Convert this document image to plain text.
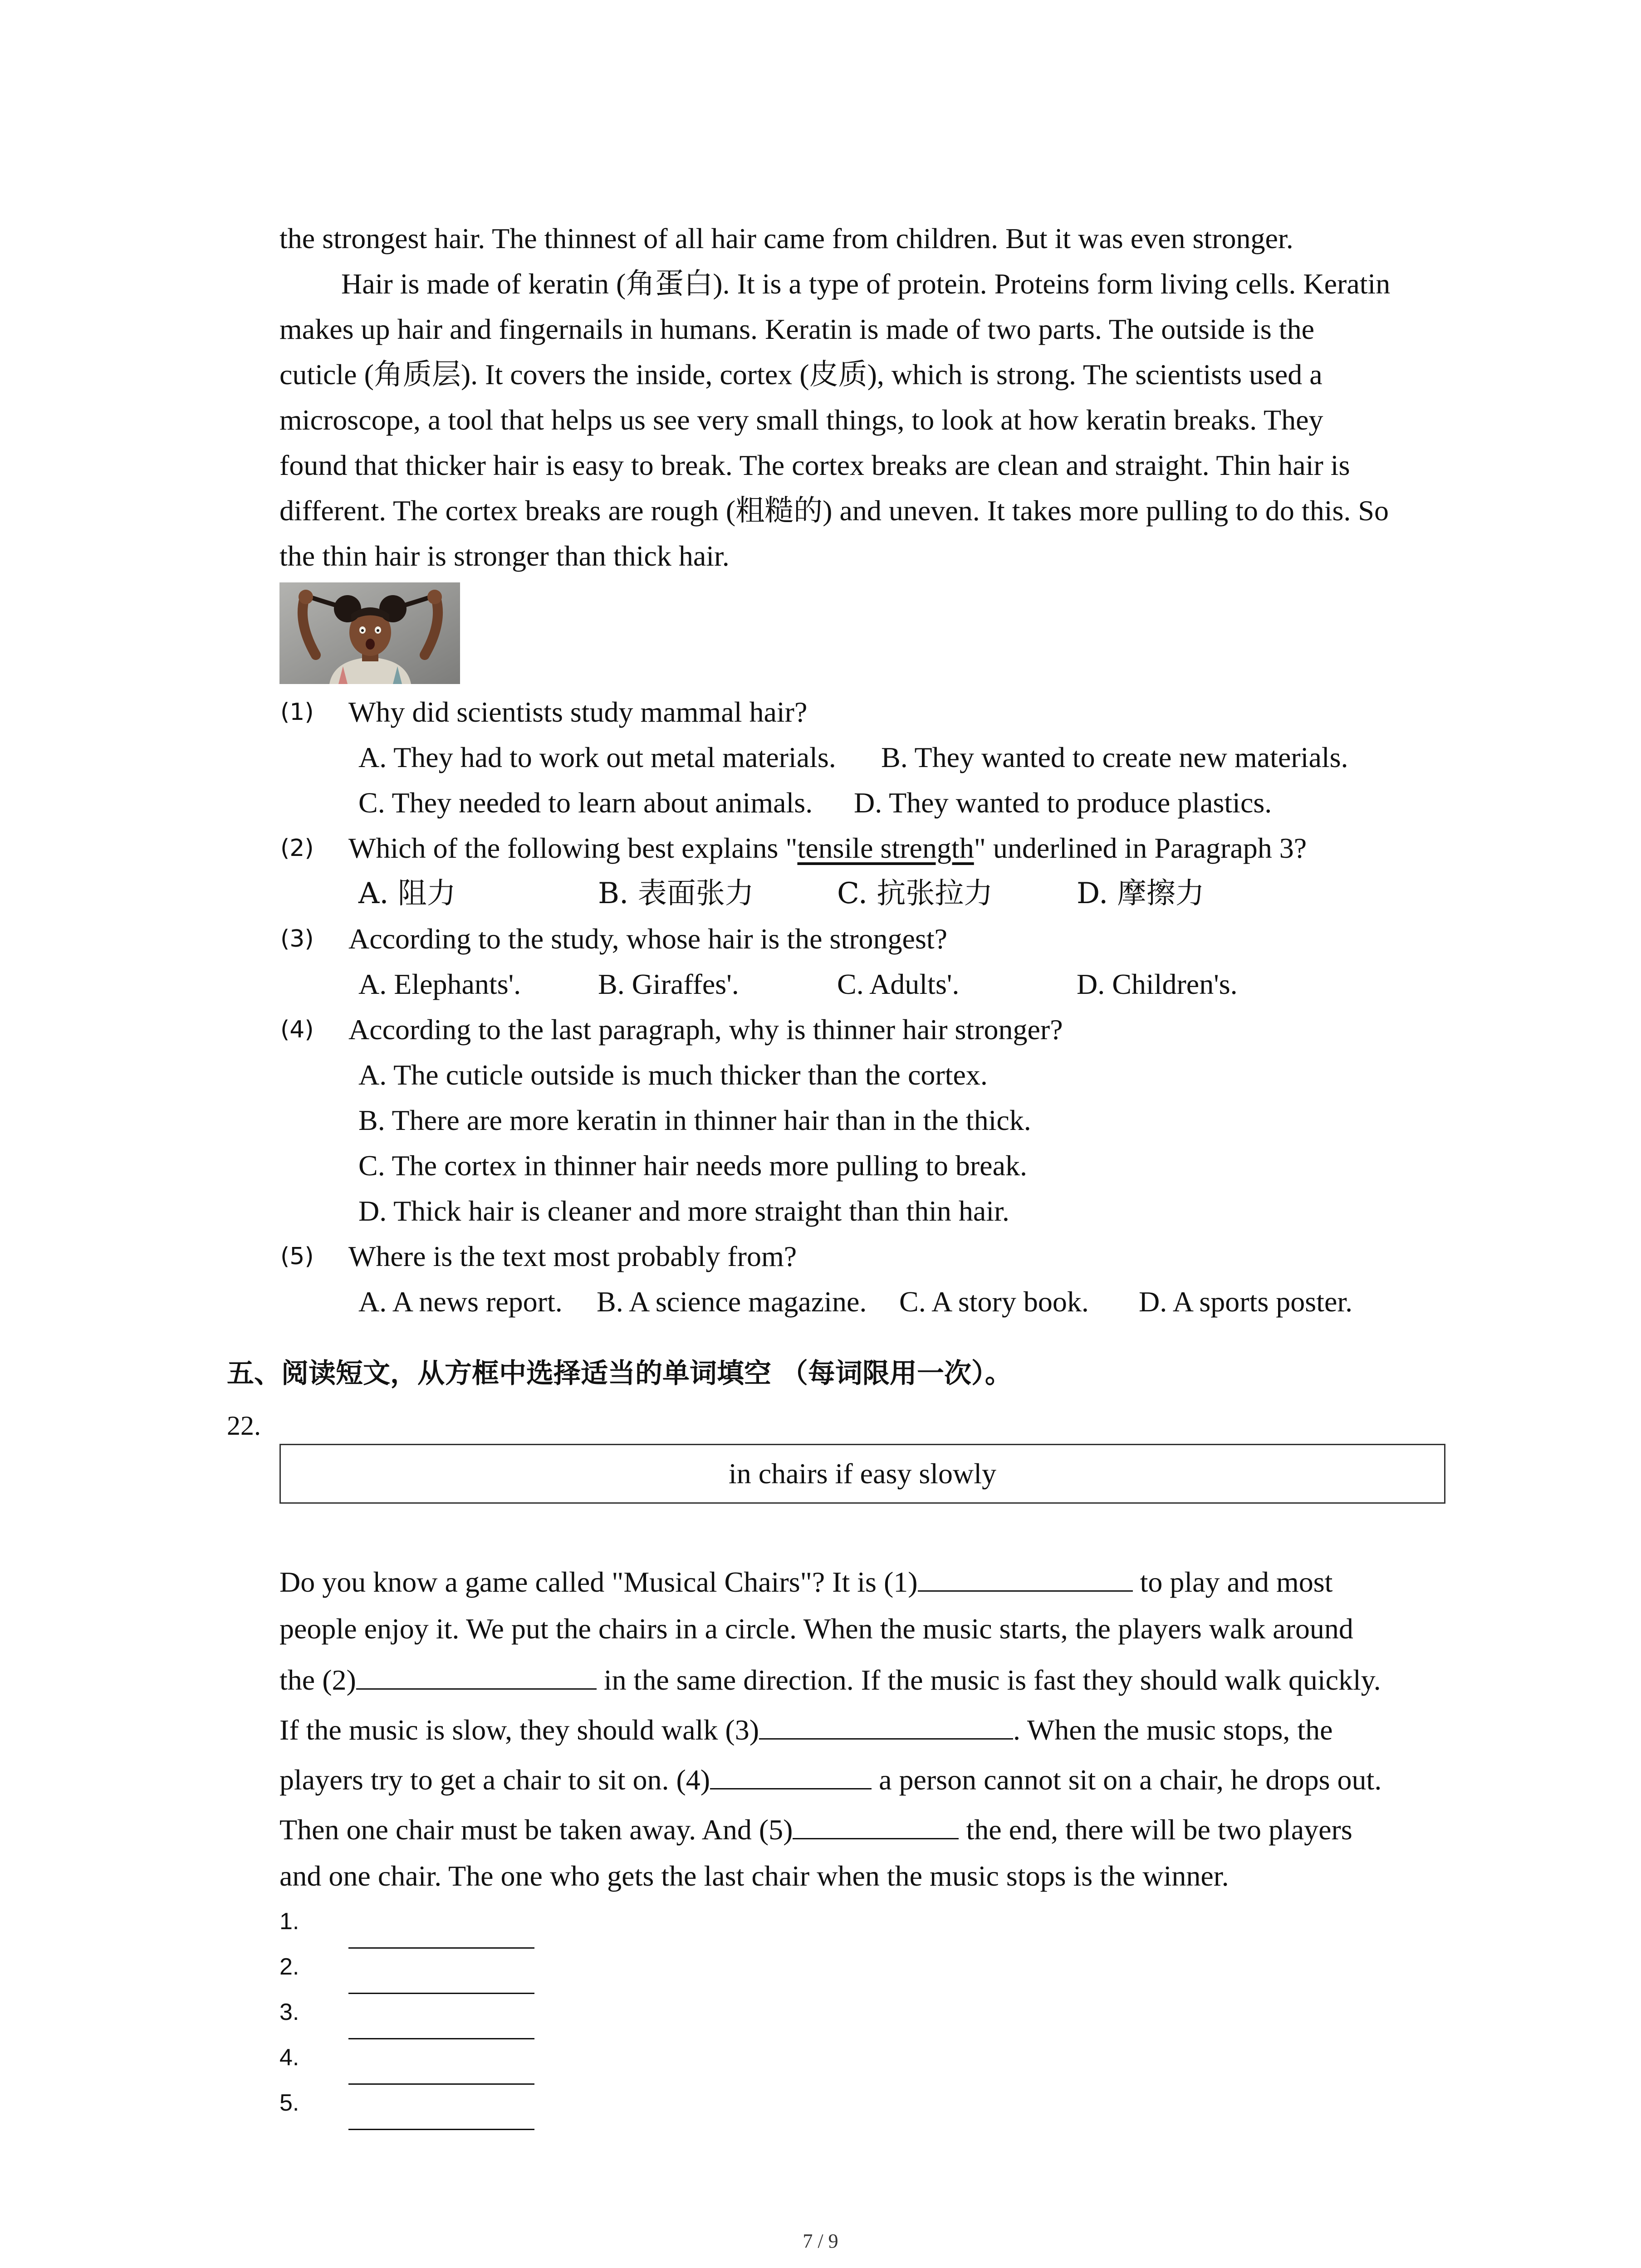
the strongest hair. The thinnest of all hair came from children. But it was even stronger.
Hair is made of keratin (角蛋白). It is a type of protein. Proteins form living cells. Keratin
makes up hair and fingernails in humans. Keratin is made of two parts. The outside is the
cuticle (角质层). It covers the inside, cortex (皮质), which is strong. The scientists used a
microscope, a tool that helps us see very small things, to look at how keratin breaks. They
found that thicker hair is easy to break. The cortex breaks are clean and straight. Thin hair is
different. The cortex breaks are rough (粗糙的) and uneven. It takes more pulling to do this. So
the thin hair is stronger than thick hair.
(1) Why did scientists study mammal hair?
A. They had to work out metal materials. B. They wanted to create new materials.
C. They needed to learn about animals. D. They wanted to produce plastics.
(2) Which of the following best explains "tensile strength" underlined in Paragraph 3?
A. 阻力	B. 表面张力	C. 抗张拉力	D. 摩擦力
(3) According to the study, whose hair is the strongest?
A. Elephants'.	B. Giraffes'.	C. Adults'.	D. Children's.
(4) According to the last paragraph, why is thinner hair stronger?
A. The cuticle outside is much thicker than the cortex.
B. There are more keratin in thinner hair than in the thick.
C. The cortex in thinner hair needs more pulling to break.
D. Thick hair is cleaner and more straight than thin hair.
(5) Where is the text most probably from?
A. A news report. B. A science magazine. C. A story book. D. A sports poster.
五、阅读短文，从方框中选择适当的单词填空 （每词限用一次）。
22.
in chairs if easy slowly
Do you know a game called "Musical Chairs"? It is (1)	to play and most
people enjoy it. We put the chairs in a circle. When the music starts, the players walk around
the (2)	in the same direction. If the music is fast they should walk quickly.
If the music is slow, they should walk (3)	. When the music stops, the
players try to get a chair to sit on. (4)	a person cannot sit on a chair, he drops out.
Then one chair must be taken away. And (5)	the end, there will be two players
and one chair. The one who gets the last chair when the music stops is the winner.
1.
2.
3.
4.
5.
7 / 9
